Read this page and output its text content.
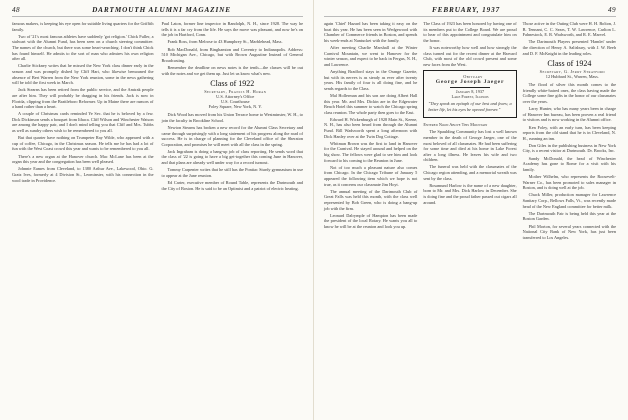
48	DARTMOUTH ALUMNI MAGAZINE

famous makers, is keeping his eye open for suitable living quarters for the Griffith family.

Two of '21's most famous athletes have suddenly 'got religion.' Chick Fuller, a stalwart with the Alumni Fund, has been seen on a church steering committee. The names of the church, but there was some heart-searching. I don't think Chick has found himself. He admits to the sort of man who admires his own religion after all.

Charlie Stickney writes that he missed the New York class dinner early in the season and was promptly dished by Cliff Hart, who likewise bemoaned the absence of Bert Warren from the New York reunion, some in the news gathering will be told the first week in March.

Jack Stearns has been retired from the public service, and the Amtrak people are after him. They will probably be dragging in his friends. Jack is now in Florida, clipping from the Brattleboro Reformer. Up in Maine there are rumors of a hand rather than a heart.

A couple of Christmas cards reminded Ye Sec. that he is beloved by a few. Dick Dickinson sends a bouquet from Ithaca. Cliff Wilson and Winchester Watson are among the happy pair, and I don't mind telling you that Cliff and Mrs. Tubbs as well as sundry others wish to be remembered to you all.

But that quarter have nothing on Trumpeter Ray Wilde, who appeared with a cup of coffee, Chicago, in the Christmas season. He tells me he has had a lot of fun with the West Coast crowd this year and wants to be remembered to you all.

There's a new organ at the Hanover church. Mac McLane has been at the organ this year and the congregation has been well pleased.

Johnnie Eames from Cleveland, to 1380 Arthur Ave., Lakewood, Ohio. G. Gratz Ives, formerly at 4 Division St., Leominster, with his connection in the wool trade in Providence.

Paul Laton, former line inspector in Randolph, N. H., since 1928. The way he tells it is a far cry from the life. He says the move was pleasant, and now he's on the job in Hartford, Conn.

Frank Ross, from Melrose to 43 Humphrey St., Marblehead, Mass.

Bob MacDonald, from Binghamton and Coventry to Indianapolis. Address: 510 Michigan Ave., Chicago, but with Brown Augustine Instead of General Broadcasting.

Remember the deadline on news notes is the tenth—the classes will be out with the notes and we get them up. Just let us know what's new.

Class of 1922

Secretary, Francis H. Horan

U.S. Attorney's Office

U.S. Courthouse

Foley Square, New York, N. Y.

Dick Wood has moved from his Union Terrace home to Westminster, W. H., to join the faculty in Brookline School.

Newton Stearns has broken a new record for the Alumni Class Secretary and came through surprisingly with a long statement of his progress along the road of success. He is in charge of planning for the Cleveland office of the Sheraton Corporation, and promises he will meet with all the class in the spring.

Jack Ingraham is doing a bang-up job of class reporting. He sends word that the class of '22 is going to have a big get-together this coming June in Hanover, and that plans are already well under way for a record turnout.

Tommy Carpenter writes that he still has the Pontiac Sturdy gymnasium in use to appear at the June reunion.

Ed Carter, executive member of Round Table, represents the Dartmouth and the City of Boston. He is said to be an Optimist and a patriot of electric heating.

FEBRUARY, 1937	49

again 'Chief' Hazard has been taking it easy on the boat this year. He has been seen in Wedgewood with Chamber of Commerce friends in Boston, and spends his week-ends at Nantucket with the family.

After meeting Charlie Marshall at the Winter Carnival Mountain, we went to Hanover for the winter season, and expect to be back in Fergus, N. H., and Lawrence.

Anything Bradford stays in the Orange Gazette, but with its nerves is as steady as ever after twenty years. His family of four is all doing fine, and he sends regards to the Class.

Mal Hollerman and his son are doing Albert Hall this year. Mr. and Mrs. Dickin are in the Edgewater Beach Hotel this summer to watch the Chicago spring class reunion. The whole party then goes to the East.

Edward H. Wickenburgh of 1928 Main St., Keene, N. H., has also been heard from through the Alumni Fund. Bill Wadsworth spent a long afternoon with Dick Hanley over at the Twin Dog Cottage.

Whitman Brown was the first to land in Hanover for the Carnival. He stayed around and helped on the big show. The fellows were glad to see him and look forward to his coming to the Reunion in June.

Not of too much a pleasant nature also comes from Chicago. In the Chicago Tribune of January 5 appeared the following item which we hope is not true, as it concerns our classmate Jim Hoyt.

The annual meeting of the Dartmouth Club of Great Falls was held this month, with the class well represented by Bob Green, who is doing a bang-up job with the firm.

Leonard Dalrymple of Hampton has been made the president of the local Rotary. He wants you all to know he will be at the reunion and look you up.

The Class of 1923 has been honored by having one of its members put to the College Board. We are proud to hear of this appointment and congratulate him on the honor.

It was noteworthy how well and how strongly the class turned out for the recent dinner at the Harvard Club, with most of the old crowd present and some new faces from the West.

Obituary

George Joseph Jaeger
January 8, 1937
Lake Forest, Illinois

"They speak an epitaph of our best and fears; a better life, let his eyes be opened forever."

Entered Noon Above This Mountain

The Spaulding Community has lost a well known member in the death of George Jaeger, one of the most beloved of all classmates. He had been suffering for some time and died at his home in Lake Forest after a long illness. He leaves his wife and two children.

The funeral was held with the classmates of the Chicago region attending, and a memorial wreath was sent by the class.

Rosamund Harlow is the name of a new daughter, born to Mr. and Mrs. Dick Harlow in December. She is doing fine and the proud father passed out cigars all around.

Those active in the Outing Club were H. H. Bolton, J. B. Tennant, C. C. Sears, T. W. Lawrence, Carlton L. Fahnestock, E. R. Wadsworth, and R. E. Marvel.

The Dartmouth Players presented 'Hamlet' under the direction of Henry A. Salisbury, with J. W. Beeh and D. F. McKnight in the leading roles.

Class of 1924

Secretary, G. Jerry Stratford

12 Hubbard St., Warren, Mass.

The flood of silver this month comes to the friendly white-haired ones, the class having made the College some fine gifts in the honor of our classmates over the years.

Larry Hunter, who has many years been in charge of Hanover Inn bureau, has been proven a real friend to visitors and is now working in the Alumni office.

Ken Foley, with an early turn, has been keeping reports from the old stand that he is in Cleveland, N. H., running an inn.

Don Giles in the publishing business in New York City, is a recent visitor at Dartmouth. Dr. Brooks, Inc.

Sandy McDonald, the head of Winchester Academy has gone to Rome for a visit with his family.

Mother Wilhelm, who represents the Roosevelt-Warner Co., has been promoted to sales manager in Boston, and is doing well at the job.

Chuck Miller, production manager for Lawrence Sanitary Corp., Bellows Falls, Vt., was recently made head of the New England committee for better milk.

The Dartmouth Fair is being held this year at the Boston Garden.

Phil Morton, for several years connected with the National City Bank of New York, has just been transferred to Los Angeles.
